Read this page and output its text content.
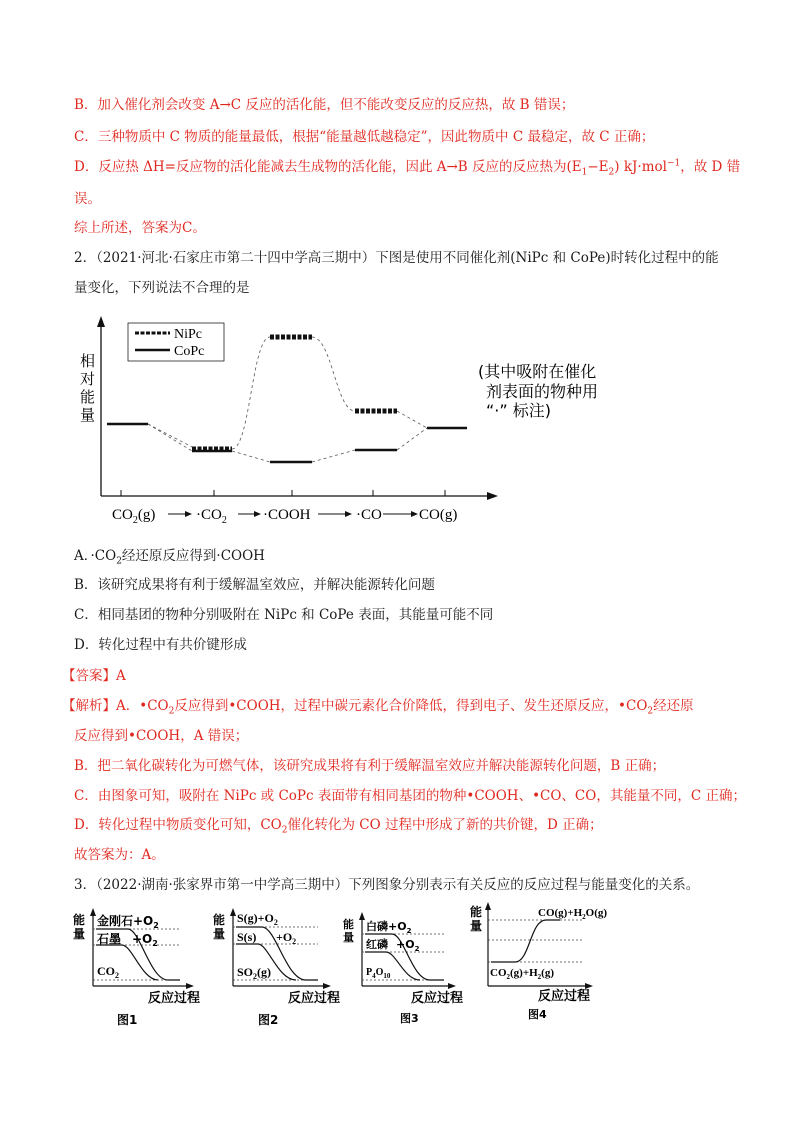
B．加入催化剂会改变 A→C 反应的活化能，但不能改变反应的反应热，故 B 错误；
C．三种物质中 C 物质的能量最低，根据“能量越低越稳定”，因此物质中 C 最稳定，故 C 正确；
D．反应热 ΔH=反应物的活化能减去生成物的活化能，因此 A→B 反应的反应热为$(E_1-E_2)$ kJ·mol$^{-1}$，故 D 错
误。
综上所述，答案为C。
2．（2021·河北·石家庄市第二十四中学高三期中）下图是使用不同催化剂(NiPc 和 CoPe)时转化过程中的能
量变化，下列说法不合理的是
相
对
能
量
NiPc
CoPc
(其中吸附在催化
剂表面的物种用
“·” 标注)
$CO_2(g)$	$\cdot CO_2$ ·COOH	·CO CO(g)
A．$\cdot CO_2$经还原反应得到·COOH
B．该研究成果将有利于缓解温室效应，并解决能源转化问题
C．相同基团的物种分别吸附在 NiPc 和 CoPe 表面，其能量可能不同
D．转化过程中有共价键形成
【答案】A
【解析】A．$•CO_2$反应得到•COOH，过程中碳元素化合价降低，得到电子、发生还原反应，$•CO_2$经还原
反应得到•COOH，A 错误；
B．把二氧化碳转化为可燃气体，该研究成果将有利于缓解温室效应并解决能源转化问题，B 正确；
C．由图象可知，吸附在 NiPc 或 CoPc 表面带有相同基团的物种•COOH、•CO、CO，其能量不同，C 正确；
D．转化过程中物质变化可知，$CO_2$催化转化为 CO 过程中形成了新的共价键，D 正确；
故答案为：A。
3．（2022·湖南·张家界市第一中学高三期中）下列图象分别表示有关反应的反应过程与能量变化的关系。
能
量
金刚石$+O_2$
石墨 $+O_2$
$CO_2$
反应过程
图1
能
量
$S(g)+O_2$
$S(s) +O_2$
$SO_2(g)$
反应过程
图2
能
量
白磷$+O_2$
红磷 $+O_2$
$P_4O_{10}$
反应过程
图3
能
量
$CO(g)+H_2O(g)$
$CO_2(g)+H_2(g)$
反应过程
图4
